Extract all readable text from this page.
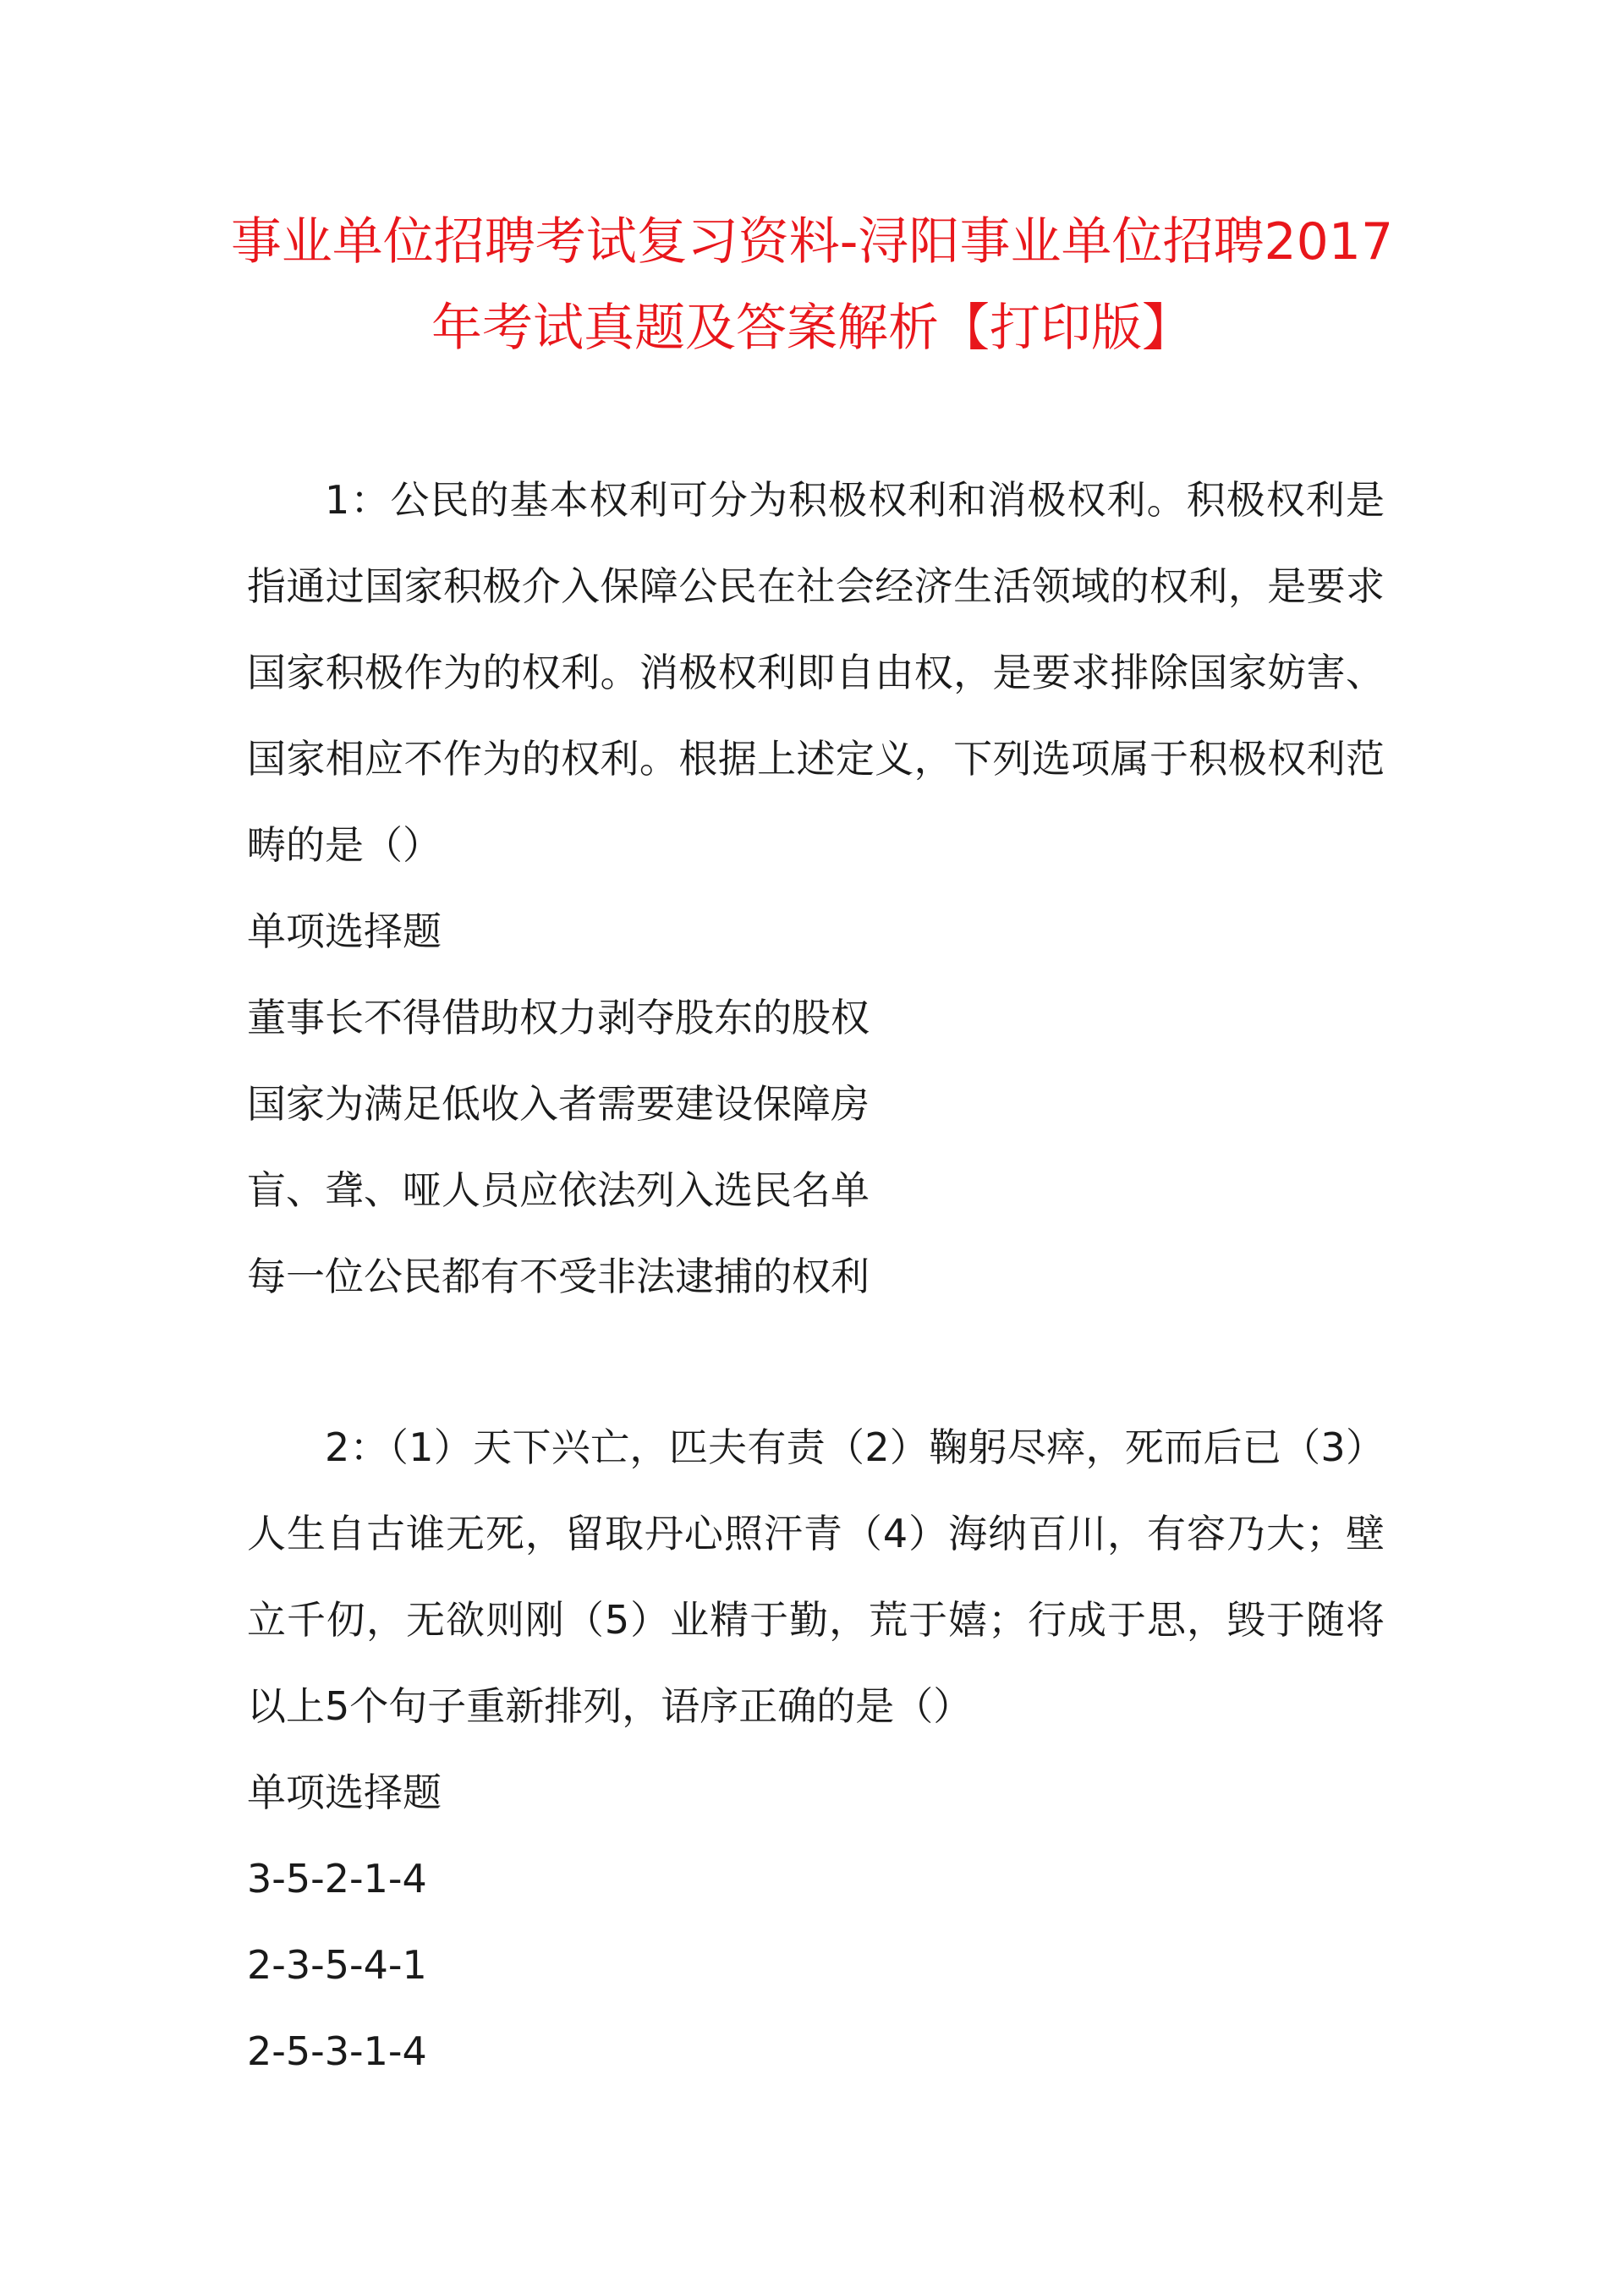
事业单位招聘考试复习资料-浔阳事业单位招聘2017年考试真题及答案解析【打印版】

1：公民的基本权利可分为积极权利和消极权利。积极权利是指通过国家积极介入保障公民在社会经济生活领域的权利，是要求国家积极作为的权利。消极权利即自由权，是要求排除国家妨害、国家相应不作为的权利。根据上述定义，下列选项属于积极权利范畴的是（）

单项选择题

董事长不得借助权力剥夺股东的股权
国家为满足低收入者需要建设保障房
盲、聋、哑人员应依法列入选民名单
每一位公民都有不受非法逮捕的权利

2：（1）天下兴亡，匹夫有责（2）鞠躬尽瘁，死而后已（3）人生自古谁无死，留取丹心照汗青（4）海纳百川，有容乃大；壁立千仞，无欲则刚（5）业精于勤，荒于嬉；行成于思，毁于随将以上5个句子重新排列，语序正确的是（）

单项选择题

3-5-2-1-4
2-3-5-4-1
2-5-3-1-4
